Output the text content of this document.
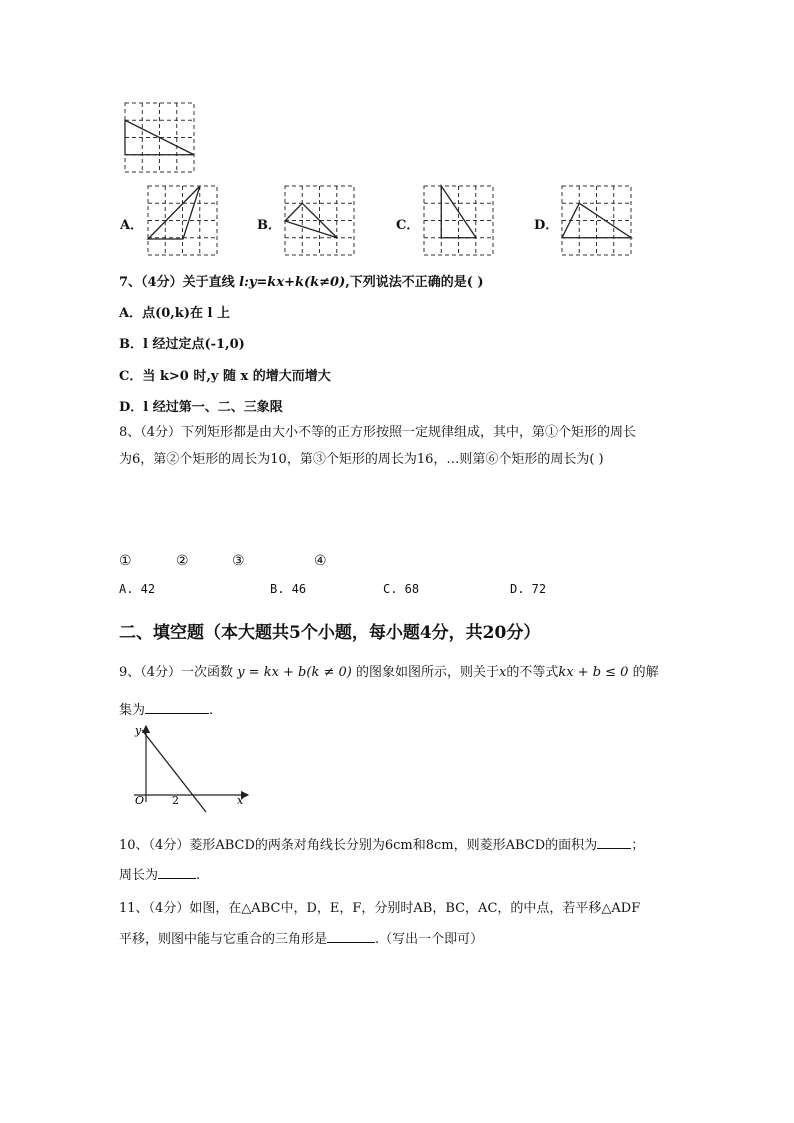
A．	B．	C．	D．
7、（4分）关于直线 l:y=kx+k(k≠0),下列说法不正确的是( )
A．点(0,k)在 l 上
B．l 经过定点(-1,0)
C．当 k>0 时,y 随 x 的增大而增大
D．l 经过第一、二、三象限
8、（4分）下列矩形都是由大小不等的正方形按照一定规律组成，其中，第①个矩形的周长
为6，第②个矩形的周长为10，第③个矩形的周长为16，…则第⑥个矩形的周长为( )
①	②	③	④
A. 42	B. 46	C. 68	D. 72
二、填空题（本大题共5个小题，每小题4分，共20分）
9、（4分）一次函数 y = kx + b(k ≠ 0) 的图象如图所示，则关于x的不等式kx + b ≤ 0 的解
集为	.
y
x
O	2
10、（4分）菱形ABCD的两条对角线长分别为6cm和8cm，则菱形ABCD的面积为	；
周长为	.
11、（4分）如图，在△ABC中，D，E，F，分别时AB，BC，AC，的中点，若平移△ADF
平移，则图中能与它重合的三角形是	.（写出一个即可）
